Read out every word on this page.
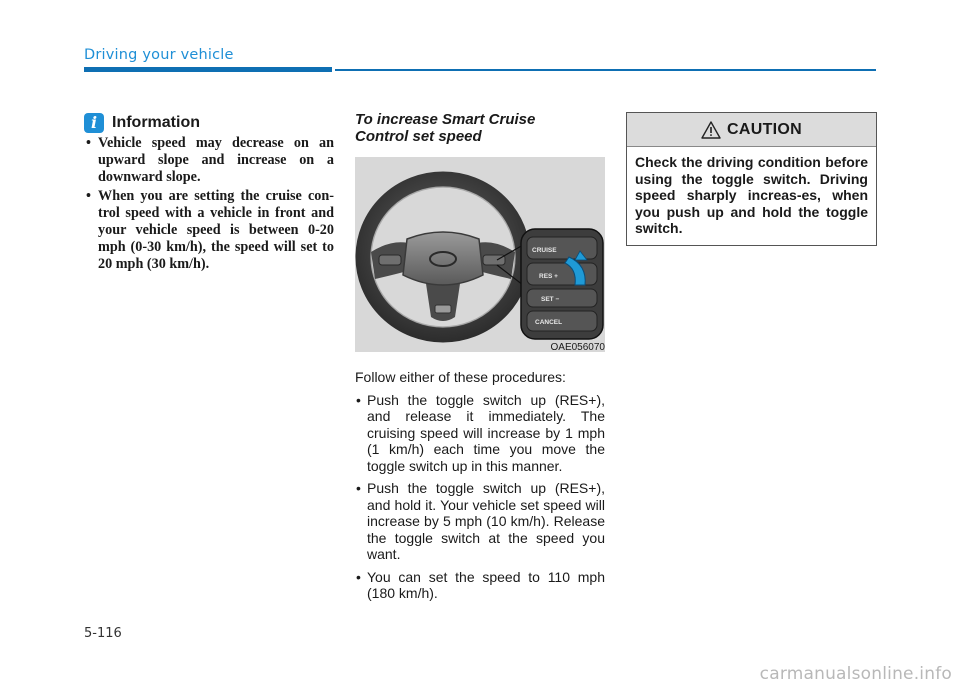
Driving your vehicle
i Information
• Vehicle speed may decrease on an upward slope and increase on a downward slope.
• When you are setting the cruise con-trol speed with a vehicle in front and your vehicle speed is between 0-20 mph (0-30 km/h), the speed will set to 20 mph (30 km/h).
To increase Smart Cruise Control set speed
CRUISE
RES +
SET −
CANCEL
OAE056070
Follow either of these procedures:
• Push the toggle switch up (RES+), and release it immediately. The cruising speed will increase by 1 mph (1 km/h) each time you move the toggle switch up in this manner.
• Push the toggle switch up (RES+), and hold it. Your vehicle set speed will increase by 5 mph (10 km/h). Release the toggle switch at the speed you want.
• You can set the speed to 110 mph (180 km/h).
CAUTION
Check the driving condition before using the toggle switch. Driving speed sharply increas-es, when you push up and hold the toggle switch.
5-116
carmanualsonline.info
